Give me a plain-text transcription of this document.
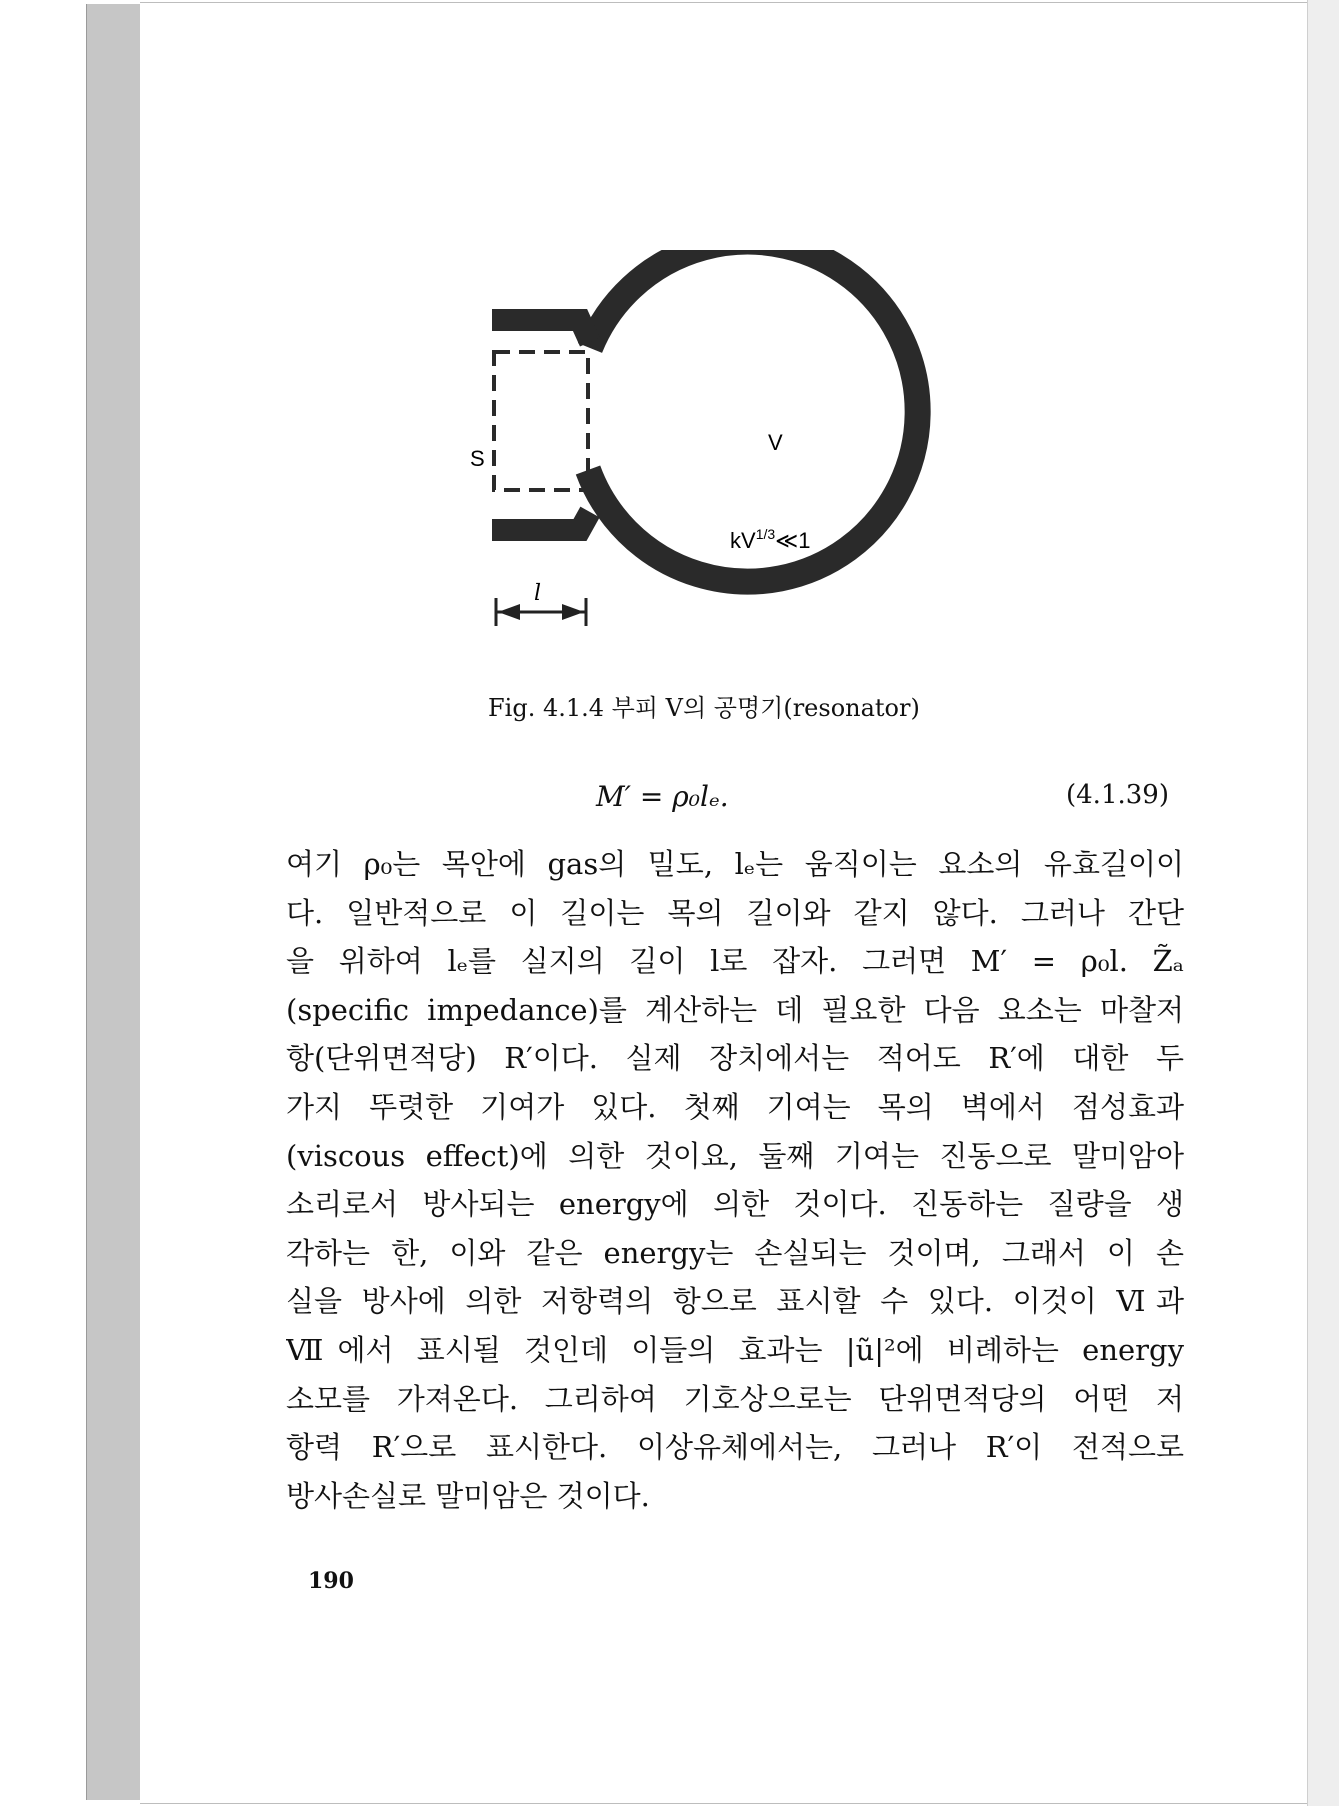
l
S
V
$kV^{1/3}≪1$
Fig. 4.1.4 부피 V의 공명기(resonator)
M′ = ρ₀lₑ.	(4.1.39)
여기 ρ₀는 목안에 gas의 밀도, lₑ는 움직이는 요소의 유효길이이
다. 일반적으로 이 길이는 목의 길이와 같지 않다. 그러나 간단
을 위하여 lₑ를 실지의 길이 l로 잡자. 그러면 M′ = ρ₀l. Z̃ₐ
(specific impedance)를 계산하는 데 필요한 다음 요소는 마찰저
항(단위면적당) R′이다. 실제 장치에서는 적어도 R′에 대한 두
가지 뚜렷한 기여가 있다. 첫째 기여는 목의 벽에서 점성효과
(viscous effect)에 의한 것이요, 둘째 기여는 진동으로 말미암아
소리로서 방사되는 energy에 의한 것이다. 진동하는 질량을 생
각하는 한, 이와 같은 energy는 손실되는 것이며, 그래서 이 손
실을 방사에 의한 저항력의 항으로 표시할 수 있다. 이것이 Ⅵ과
Ⅶ에서 표시될 것인데 이들의 효과는 |ũ|²에 비례하는 energy
소모를 가져온다. 그리하여 기호상으로는 단위면적당의 어떤 저
항력 R′으로 표시한다. 이상유체에서는, 그러나 R′이 전적으로
방사손실로 말미암은 것이다.
190
